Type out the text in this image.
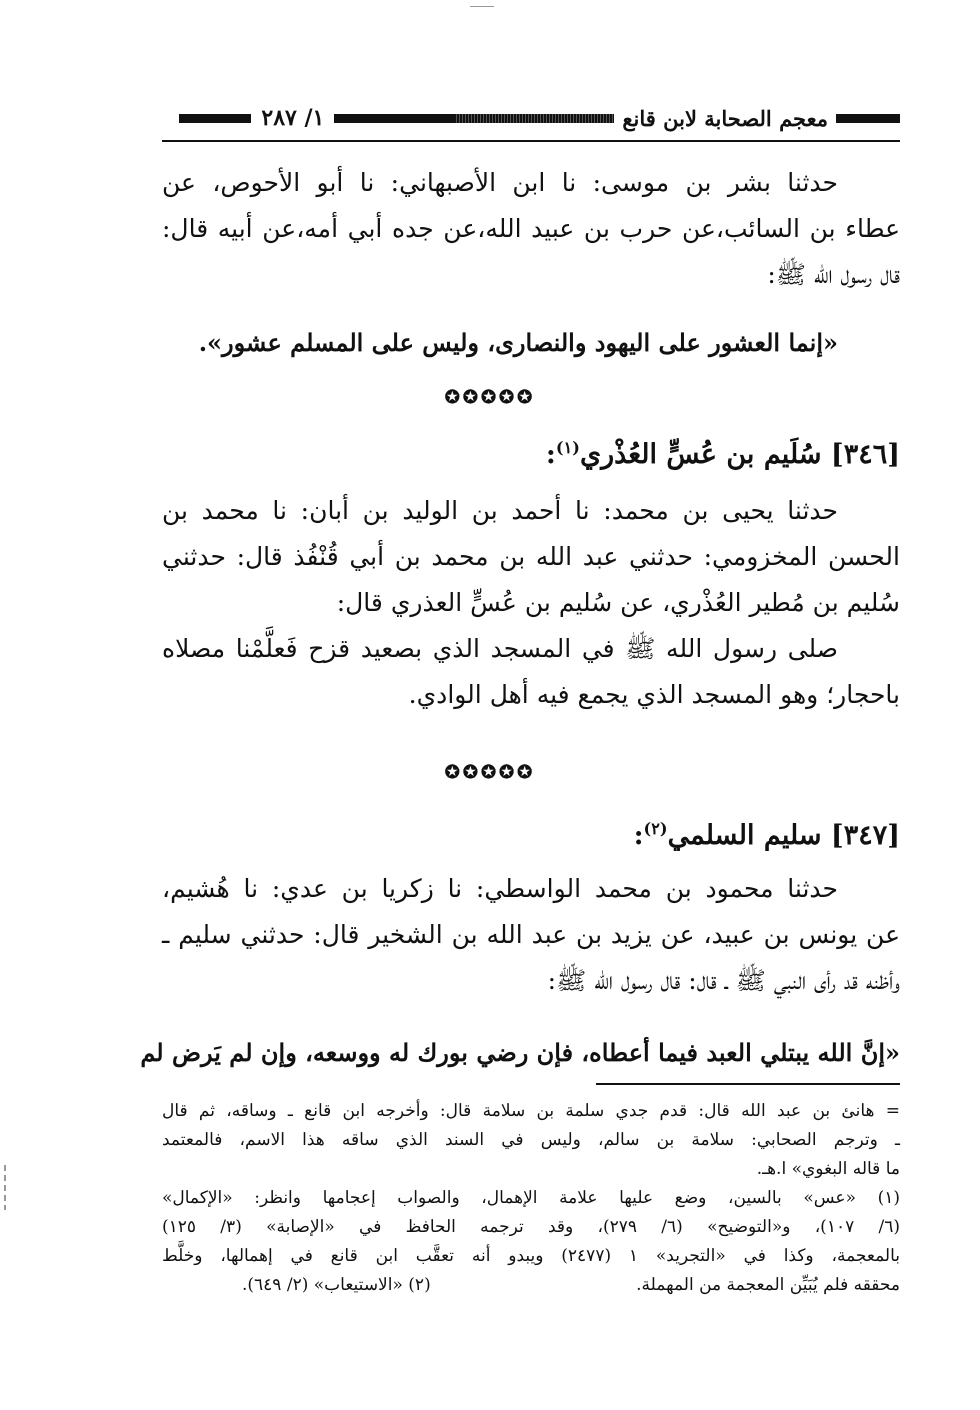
معجم الصحابة لابن قانع
١/ ٢٨٧
حدثنا بشر بن موسى: نا ابن الأصبهاني: نا أبو الأحوص، عن
عطاء بن السائب،عن حرب بن عبيد الله،عن جده أبي أمه،عن أبيه قال:
قال رسول الله ﷺ:
«إنما العشور على اليهود والنصارى، وليس على المسلم عشور».
✪✪✪✪✪
[٣٤٦] سُلَيم بن عُسٍّ العُذْري$^{(١)}$:
حدثنا يحيى بن محمد: نا أحمد بن الوليد بن أبان: نا محمد بن
الحسن المخزومي: حدثني عبد الله بن محمد بن أبي قُنْفُذ قال: حدثني
سُليم بن مُطير العُذْري، عن سُليم بن عُسٍّ العذري قال:
صلى رسول الله ﷺ في المسجد الذي بصعيد قزح فَعلَّمْنا مصلاه
باحجار؛ وهو المسجد الذي يجمع فيه أهل الوادي.
✪✪✪✪✪
[٣٤٧] سليم السلمي$^{(٢)}$:
حدثنا محمود بن محمد الواسطي: نا زكريا بن عدي: نا هُشيم،
عن يونس بن عبيد، عن يزيد بن عبد الله بن الشخير قال: حدثني سليم ـ
وأظنه قد رأى النبي ﷺ ـ قال: قال رسول الله ﷺ:
«إنَّ الله يبتلي العبد فيما أعطاه، فإن رضي بورك له ووسعه، وإن لم يَرض لم
= هانئ بن عبد الله قال: قدم جدي سلمة بن سلامة قال: وأخرجه ابن قانع ـ وساقه، ثم قال
ـ وترجم الصحابي: سلامة بن سالم، وليس في السند الذي ساقه هذا الاسم، فالمعتمد
ما قاله البغوي» ا.هـ.
(١) «عس» بالسين، وضع عليها علامة الإهمال، والصواب إعجامها وانظر: «الإكمال»
(٦/ ١٠٧)، و«التوضيح» (٦/ ٢٧٩)، وقد ترجمه الحافظ في «الإصابة» (٣/ ١٢٥)
بالمعجمة، وكذا في «التجريد» ١ (٢٤٧٧) ويبدو أنه تعقَّب ابن قانع في إهمالها، وخلَّط
محققه فلم يُبَيِّن المعجمة من المهملة.
(٢) «الاستيعاب» (٢/ ٦٤٩).
